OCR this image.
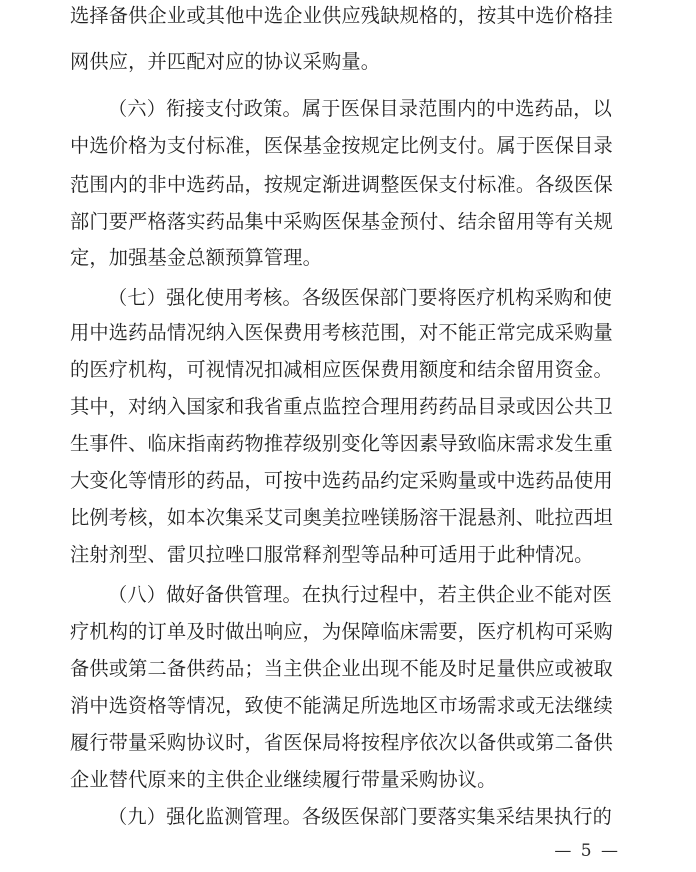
选择备供企业或其他中选企业供应残缺规格的，按其中选价格挂
网供应，并匹配对应的协议采购量。
（六）衔接支付政策。属于医保目录范围内的中选药品，以
中选价格为支付标准，医保基金按规定比例支付。属于医保目录
范围内的非中选药品，按规定渐进调整医保支付标准。各级医保
部门要严格落实药品集中采购医保基金预付、结余留用等有关规
定，加强基金总额预算管理。
（七）强化使用考核。各级医保部门要将医疗机构采购和使
用中选药品情况纳入医保费用考核范围，对不能正常完成采购量
的医疗机构，可视情况扣减相应医保费用额度和结余留用资金。
其中，对纳入国家和我省重点监控合理用药药品目录或因公共卫
生事件、临床指南药物推荐级别变化等因素导致临床需求发生重
大变化等情形的药品，可按中选药品约定采购量或中选药品使用
比例考核，如本次集采艾司奥美拉唑镁肠溶干混悬剂、吡拉西坦
注射剂型、雷贝拉唑口服常释剂型等品种可适用于此种情况。
（八）做好备供管理。在执行过程中，若主供企业不能对医
疗机构的订单及时做出响应，为保障临床需要，医疗机构可采购
备供或第二备供药品；当主供企业出现不能及时足量供应或被取
消中选资格等情况，致使不能满足所选地区市场需求或无法继续
履行带量采购协议时，省医保局将按程序依次以备供或第二备供
企业替代原来的主供企业继续履行带量采购协议。
（九）强化监测管理。各级医保部门要落实集采结果执行的
— 5 —
